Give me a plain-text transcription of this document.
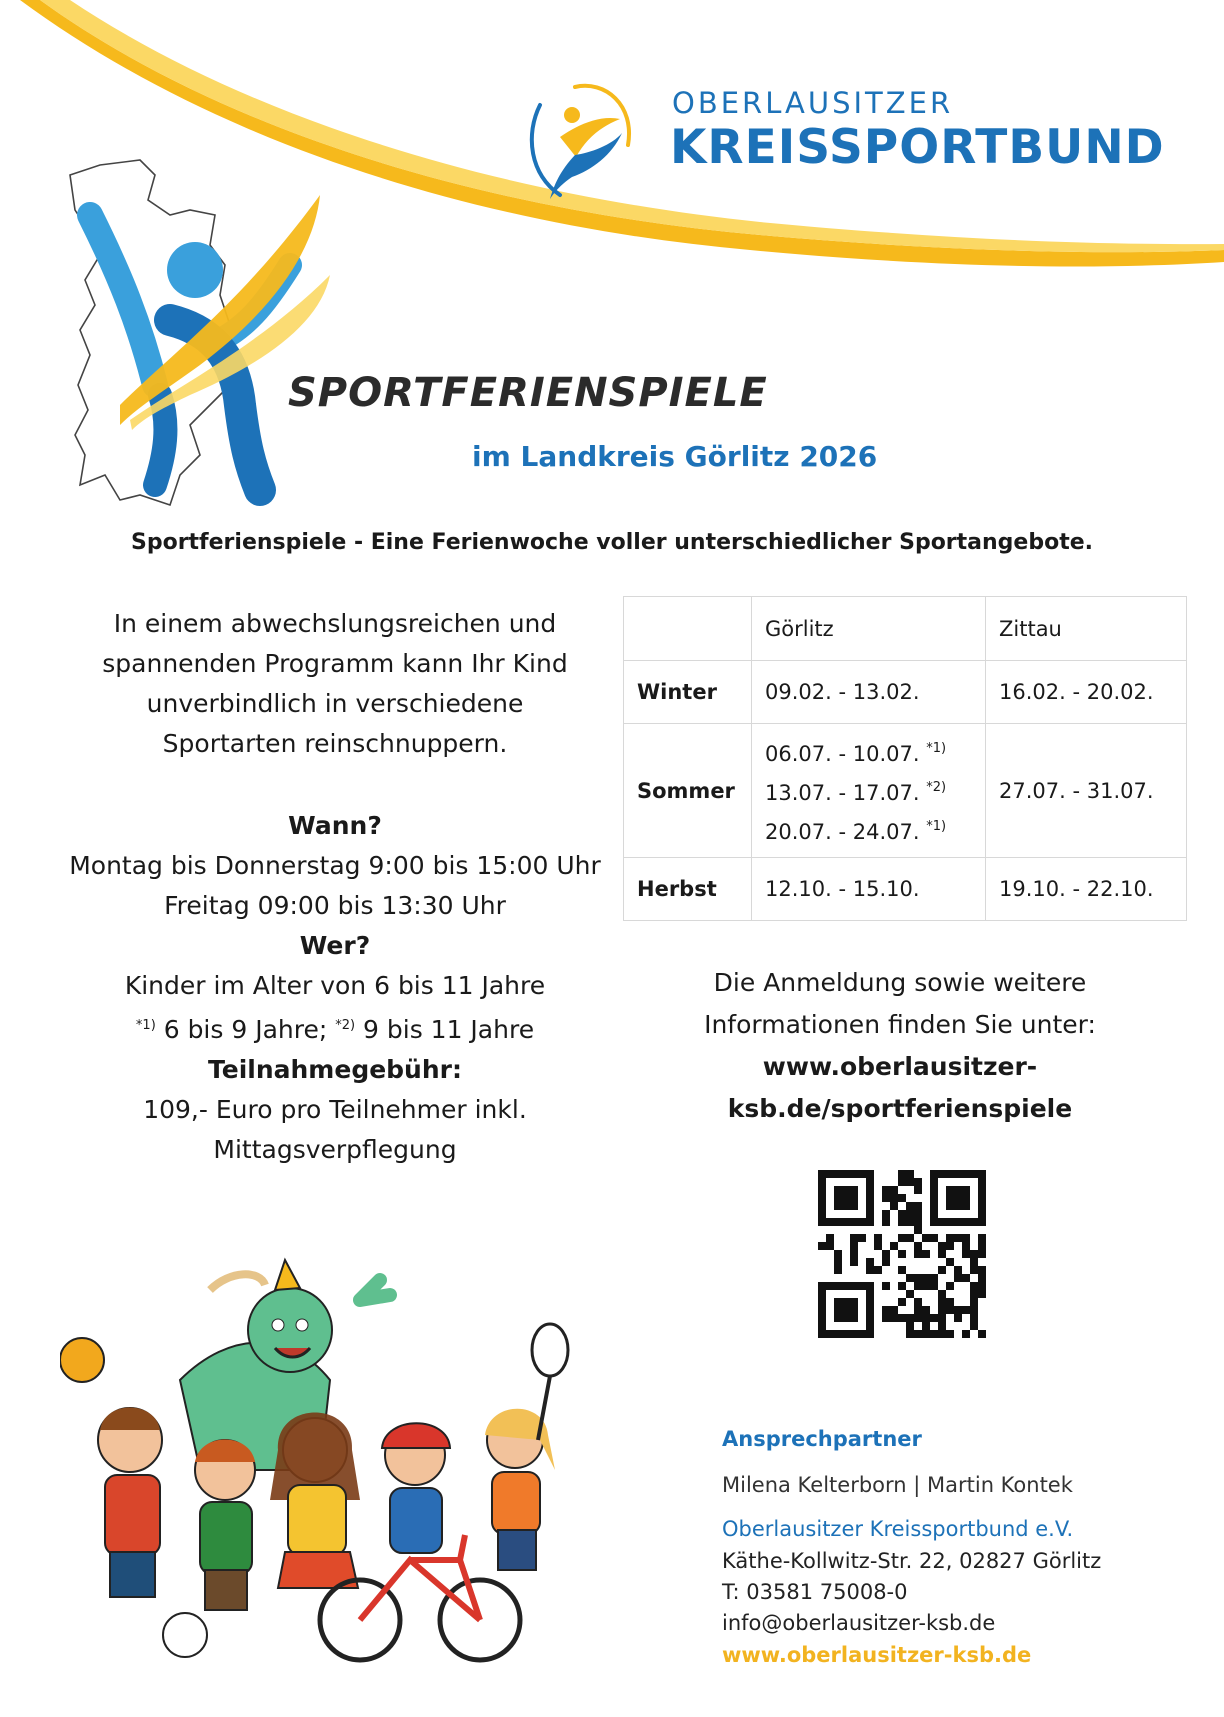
OBERLAUSITZER
KREISSPORTBUND
SPORTFERIENSPIELE
im Landkreis Görlitz 2026
Sportferienspiele - Eine Ferienwoche voller unterschiedlicher Sportangebote.
In einem abwechslungsreichen und
spannenden Programm kann Ihr Kind
unverbindlich in verschiedene
Sportarten reinschnuppern.
Wann?
Montag bis Donnerstag 9:00 bis 15:00 Uhr
Freitag 09:00 bis 13:30 Uhr
Wer?
Kinder im Alter von 6 bis 11 Jahre
$^{*1)}$ 6 bis 9 Jahre; $^{*2)}$ 9 bis 11 Jahre
Teilnahmegebühr:
109,- Euro pro Teilnehmer inkl.
Mittagsverpflegung
	Görlitz	Zittau
Winter	09.02. - 13.02.	16.02. - 20.02.
Sommer	06.07. - 10.07. $^{*1)}$
13.07. - 17.07. $^{*2)}$
20.07. - 24.07. $^{*1)}$	27.07. - 31.07.
Herbst	12.10. - 15.10.	19.10. - 22.10.
Die Anmeldung sowie weitere
Informationen finden Sie unter:
www.oberlausitzer-
ksb.de/sportferienspiele
Ansprechpartner
Milena Kelterborn | Martin Kontek
Oberlausitzer Kreissportbund e.V.
Käthe-Kollwitz-Str. 22, 02827 Görlitz
T: 03581 75008-0
info@oberlausitzer-ksb.de
www.oberlausitzer-ksb.de
